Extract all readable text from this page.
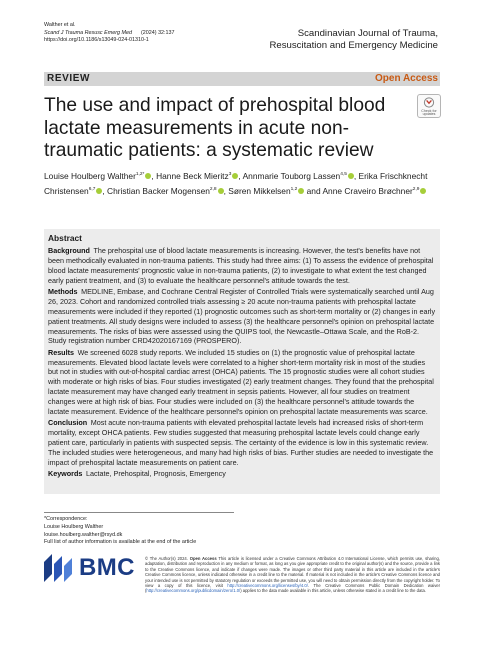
Walther et al.
Scand J Trauma Resusc Emerg Med (2024) 32:137
https://doi.org/10.1186/s13049-024-01310-1
Scandinavian Journal of Trauma,
Resuscitation and Emergency Medicine
REVIEW	Open Access
The use and impact of prehospital blood lactate measurements in acute non-traumatic patients: a systematic review
Check for
updates
Louise Houlberg Walther$^{1,2*}$ , Hanne Beck Mieritz$^3$ , Annmarie Touborg Lassen$^{4,5}$ , Erika Frischknecht Christensen$^{6,7}$ , Christian Backer Mogensen$^{2,8}$ , Søren Mikkelsen$^{1,2}$ and Anne Craveiro Brøchner$^{2,9}$
Abstract

Background  The prehospital use of blood lactate measurements is increasing. However, the test's benefits have not been methodically evaluated in non-trauma patients. This study had three aims: (1) To assess the evidence of prehospital blood lactate measurements' prognostic value in non-trauma patients, (2) to investigate to what extent the test changed early patient treatment, and (3) to evaluate the healthcare personnel's attitude towards the test.

Methods  MEDLINE, Embase, and Cochrane Central Register of Controlled Trials were systematically searched until Aug 26, 2023. Cohort and randomized controlled trials assessing ≥ 20 acute non-trauma patients with prehospital lactate measurements were included if they reported (1) prognostic outcomes such as short-term mortality or (2) changes in early patient treatments. All study designs were included to assess (3) the healthcare personnel's opinion on prehospital lactate measurements. The risks of bias were assessed using the QUIPS tool, the Newcastle–Ottawa Scale, and the RoB-2. Study registration number CRD42020167169 (PROSPERO).

Results  We screened 6028 study reports. We included 15 studies on (1) the prognostic value of prehospital lactate measurements. Elevated blood lactate levels were correlated to a higher short-term mortality risk in most of the studies but not in studies with out-of-hospital cardiac arrest (OHCA) patients. The 15 prognostic studies were all cohort studies with moderate or high risks of bias. Four studies investigated (2) early treatment changes. They found that the prehospital lactate measurement may have changed early treatment in sepsis patients. However, all four studies on treatment changes were at high risk of bias. Four studies were included on (3) the healthcare personnel's attitude towards the lactate measurement. Evidence of the healthcare personnel's opinion on prehospital lactate measurements was scarce.

Conclusion  Most acute non-trauma patients with elevated prehospital lactate levels had increased risks of short-term mortality, except OHCA patients. Few studies suggested that measuring prehospital lactate levels could change early patient care, particularly in patients with suspected sepsis. The certainty of the evidence is low in this systematic review. The included studies were heterogeneous, and many had high risks of bias. Further studies are needed to investigate the impact of prehospital lactate measurements on patient care.

Keywords  Lactate, Prehospital, Prognosis, Emergency

*Correspondence:
Louise Houlberg Walther
louise.houlberg.walther@rsyd.dk
Full list of author information is available at the end of the article
BMC © The Author(s) 2024. Open Access This article is licensed under a Creative Commons Attribution 4.0 International License, which permits use, sharing, adaptation, distribution and reproduction in any medium or format, as long as you give appropriate credit to the original author(s) and the source, provide a link to the Creative Commons licence, and indicate if changes were made. The images or other third party material in this article are included in the article's Creative Commons licence, unless indicated otherwise in a credit line to the material. If material is not included in the article's Creative Commons licence and your intended use is not permitted by statutory regulation or exceeds the permitted use, you will need to obtain permission directly from the copyright holder. To view a copy of this licence, visit http://creativecommons.org/licenses/by/4.0/. The Creative Commons Public Domain Dedication waiver (http://creativecommons.org/publicdomain/zero/1.0/) applies to the data made available in this article, unless otherwise stated in a credit line to the data.
